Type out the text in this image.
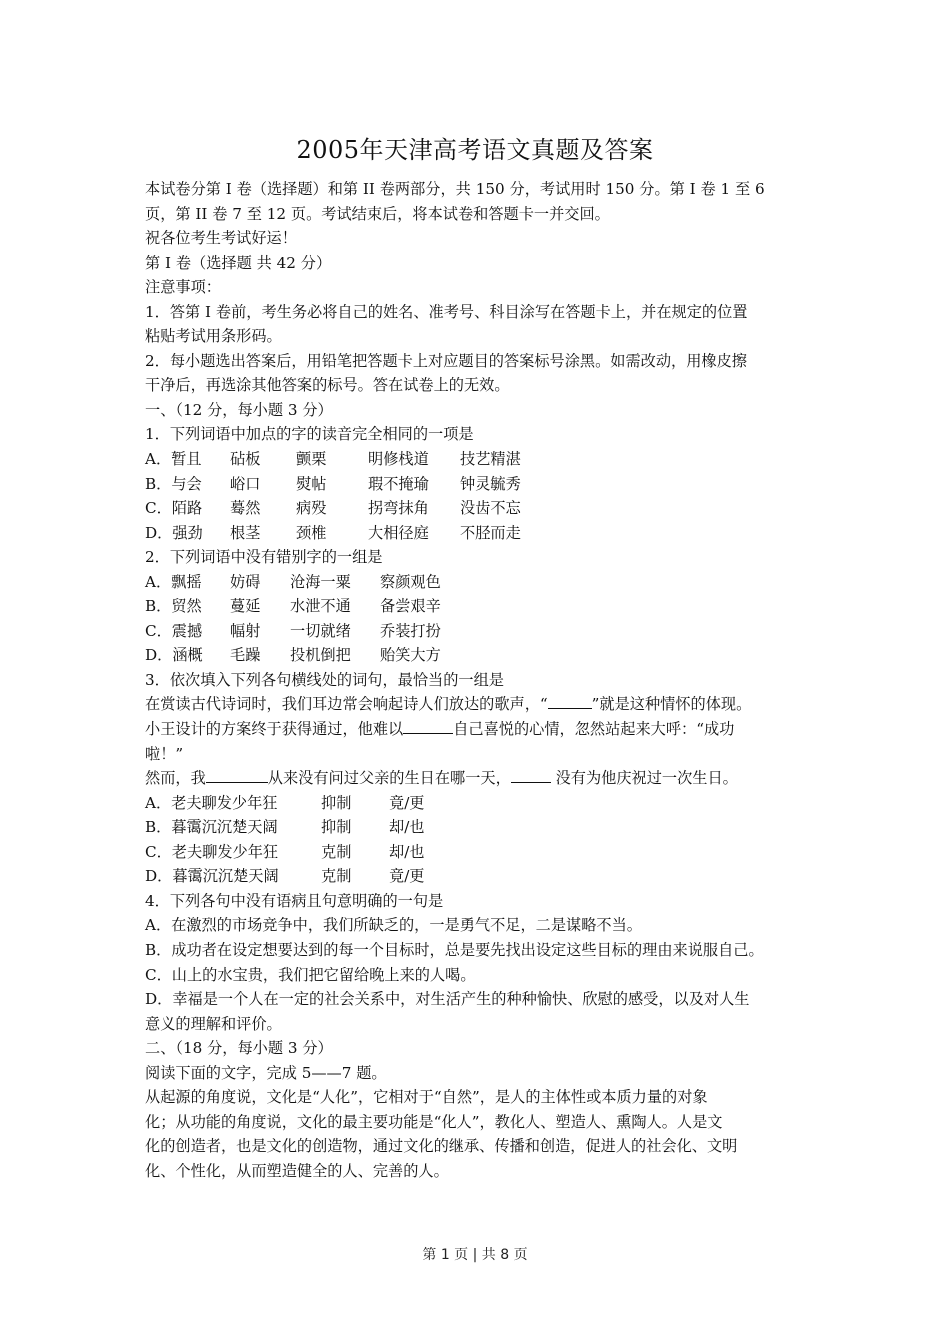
2005年天津高考语文真题及答案
本试卷分第 I 卷（选择题）和第 II 卷两部分，共 150 分，考试用时 150 分。第 I 卷 1 至 6
页，第 II 卷 7 至 12 页。考试结束后，将本试卷和答题卡一并交回。
祝各位考生考试好运！
第 I 卷（选择题 共 42 分）
注意事项：
1．答第 I 卷前，考生务必将自己的姓名、准考号、科目涂写在答题卡上，并在规定的位置
粘贴考试用条形码。
2．每小题选出答案后，用铅笔把答题卡上对应题目的答案标号涂黑。如需改动，用橡皮擦
干净后，再选涂其他答案的标号。答在试卷上的无效。
一、（12 分，每小题 3 分）
1．下列词语中加点的字的读音完全相同的一项是
A．暂且 砧板 颤栗	明修栈道 技艺精湛
B．与会 峪口 熨帖	瑕不掩瑜 钟灵毓秀
C．陌路 蓦然 病殁	拐弯抹角 没齿不忘
D．强劲 根茎 颈椎	大相径庭 不胫而走
2．下列词语中没有错别字的一组是
A．飘摇 妨碍 沧海一粟 察颜观色
B．贸然 蔓延 水泄不通 备尝艰辛
C．震撼 幅射 一切就绪 乔装打扮
D．涵概 毛躁 投机倒把 贻笑大方
3．依次填入下列各句横线处的词句，最恰当的一组是
在赏读古代诗词时，我们耳边常会响起诗人们放达的歌声，“	”就是这种情怀的体现。
小王设计的方案终于获得通过，他难以	自己喜悦的心情，忽然站起来大呼：“成功
啦！”
然而，我	从来没有问过父亲的生日在哪一天，	没有为他庆祝过一次生日。
A．老夫聊发少年狂	抑制 竟/更
B．暮霭沉沉楚天阔	抑制 却/也
C．老夫聊发少年狂	克制 却/也
D．暮霭沉沉楚天阔	克制 竟/更
4．下列各句中没有语病且句意明确的一句是
A．在激烈的市场竞争中，我们所缺乏的，一是勇气不足，二是谋略不当。
B．成功者在设定想要达到的每一个目标时，总是要先找出设定这些目标的理由来说服自己。
C．山上的水宝贵，我们把它留给晚上来的人喝。
D．幸福是一个人在一定的社会关系中，对生活产生的种种愉快、欣慰的感受，以及对人生
意义的理解和评价。
二、（18 分，每小题 3 分）
阅读下面的文字，完成 5——7 题。
从起源的角度说，文化是“人化”，它相对于“自然”，是人的主体性或本质力量的对象
化；从功能的角度说，文化的最主要功能是“化人”，教化人、塑造人、熏陶人。人是文
化的创造者，也是文化的创造物，通过文化的继承、传播和创造，促进人的社会化、文明
化、个性化，从而塑造健全的人、完善的人。
第 1 页 | 共 8 页
